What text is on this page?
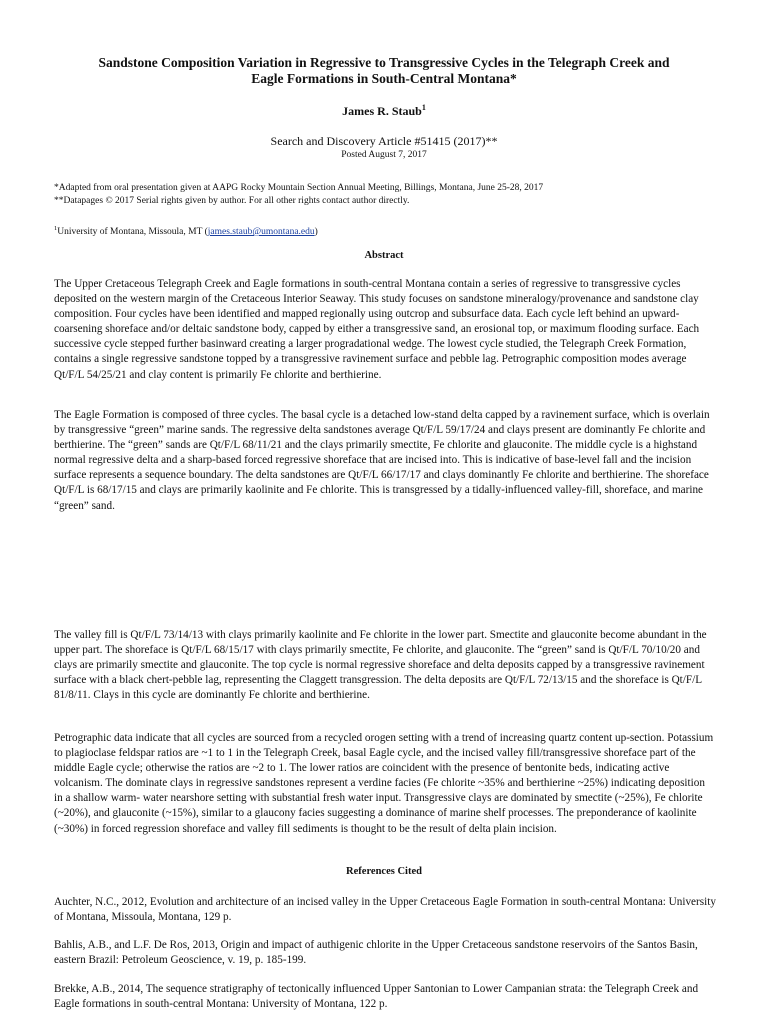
Sandstone Composition Variation in Regressive to Transgressive Cycles in the Telegraph Creek and
Eagle Formations in South-Central Montana*
James R. Staub$^1$
Search and Discovery Article #51415 (2017)**
Posted August 7, 2017
*Adapted from oral presentation given at AAPG Rocky Mountain Section Annual Meeting, Billings, Montana, June 25-28, 2017
**Datapages © 2017 Serial rights given by author. For all other rights contact author directly.
$^1$University of Montana, Missoula, MT (james.staub@umontana.edu)
Abstract
The Upper Cretaceous Telegraph Creek and Eagle formations in south-central Montana contain a series of regressive to transgressive cycles deposited on the western margin of the Cretaceous Interior Seaway. This study focuses on sandstone mineralogy/provenance and sandstone clay composition. Four cycles have been identified and mapped regionally using outcrop and subsurface data. Each cycle left behind an upward-coarsening shoreface and/or deltaic sandstone body, capped by either a transgressive sand, an erosional top, or maximum flooding surface. Each successive cycle stepped further basinward creating a larger progradational wedge. The lowest cycle studied, the Telegraph Creek Formation, contains a single regressive sandstone topped by a transgressive ravinement surface and pebble lag. Petrographic composition modes average Qt/F/L 54/25/21 and clay content is primarily Fe chlorite and berthierine.
The Eagle Formation is composed of three cycles. The basal cycle is a detached low-stand delta capped by a ravinement surface, which is overlain by transgressive “green” marine sands. The regressive delta sandstones average Qt/F/L 59/17/24 and clays present are dominantly Fe chlorite and berthierine. The “green” sands are Qt/F/L 68/11/21 and the clays primarily smectite, Fe chlorite and glauconite. The middle cycle is a highstand normal regressive delta and a sharp-based forced regressive shoreface that are incised into. This is indicative of base-level fall and the incision surface represents a sequence boundary. The delta sandstones are Qt/F/L 66/17/17 and clays dominantly Fe chlorite and berthierine. The shoreface Qt/F/L is 68/17/15 and clays are primarily kaolinite and Fe chlorite. This is transgressed by a tidally-influenced valley-fill, shoreface, and marine “green” sand.
The valley fill is Qt/F/L 73/14/13 with clays primarily kaolinite and Fe chlorite in the lower part. Smectite and glauconite become abundant in the upper part. The shoreface is Qt/F/L 68/15/17 with clays primarily smectite, Fe chlorite, and glauconite. The “green” sand is Qt/F/L 70/10/20 and clays are primarily smectite and glauconite. The top cycle is normal regressive shoreface and delta deposits capped by a transgressive ravinement surface with a black chert-pebble lag, representing the Claggett transgression. The delta deposits are Qt/F/L 72/13/15 and the shoreface is Qt/F/L 81/8/11. Clays in this cycle are dominantly Fe chlorite and berthierine.
Petrographic data indicate that all cycles are sourced from a recycled orogen setting with a trend of increasing quartz content up-section. Potassium to plagioclase feldspar ratios are ~1 to 1 in the Telegraph Creek, basal Eagle cycle, and the incised valley fill/transgressive shoreface part of the middle Eagle cycle; otherwise the ratios are ~2 to 1. The lower ratios are coincident with the presence of bentonite beds, indicating active volcanism. The dominate clays in regressive sandstones represent a verdine facies (Fe chlorite ~35% and berthierine ~25%) indicating deposition in a shallow warm- water nearshore setting with substantial fresh water input. Transgressive clays are dominated by smectite (~25%), Fe chlorite (~20%), and glauconite (~15%), similar to a glaucony facies suggesting a dominance of marine shelf processes. The preponderance of kaolinite (~30%) in forced regression shoreface and valley fill sediments is thought to be the result of delta plain incision.
References Cited
Auchter, N.C., 2012, Evolution and architecture of an incised valley in the Upper Cretaceous Eagle Formation in south-central Montana: University of Montana, Missoula, Montana, 129 p.
Bahlis, A.B., and L.F. De Ros, 2013, Origin and impact of authigenic chlorite in the Upper Cretaceous sandstone reservoirs of the Santos Basin, eastern Brazil: Petroleum Geoscience, v. 19, p. 185-199.
Brekke, A.B., 2014, The sequence stratigraphy of tectonically influenced Upper Santonian to Lower Campanian strata: the Telegraph Creek and Eagle formations in south-central Montana: University of Montana, 122 p.
